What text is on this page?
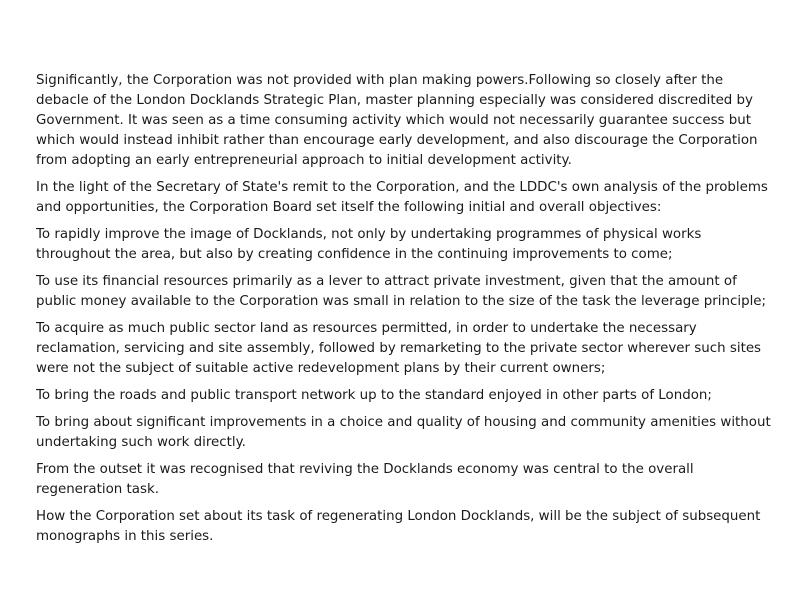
Significantly, the Corporation was not provided with plan making powers.Following so closely after the debacle of the London Docklands Strategic Plan, master planning especially was considered discredited by Government. It was seen as a time consuming activity which would not necessarily guarantee success but which would instead inhibit rather than encourage early development, and also discourage the Corporation from adopting an early entrepreneurial approach to initial development activity.

In the light of the Secretary of State's remit to the Corporation, and the LDDC's own analysis of the problems and opportunities, the Corporation Board set itself the following initial and overall objectives:

To rapidly improve the image of Docklands, not only by undertaking programmes of physical works throughout the area, but also by creating confidence in the continuing improvements to come;

To use its financial resources primarily as a lever to attract private investment, given that the amount of public money available to the Corporation was small in relation to the size of the task the leverage principle;

To acquire as much public sector land as resources permitted, in order to undertake the necessary reclamation, servicing and site assembly, followed by remarketing to the private sector wherever such sites were not the subject of suitable active redevelopment plans by their current owners;

To bring the roads and public transport network up to the standard enjoyed in other parts of London;

To bring about significant improvements in a choice and quality of housing and community amenities without undertaking such work directly.

From the outset it was recognised that reviving the Docklands economy was central to the overall regeneration task.

How the Corporation set about its task of regenerating London Docklands, will be the subject of subsequent monographs in this series.
